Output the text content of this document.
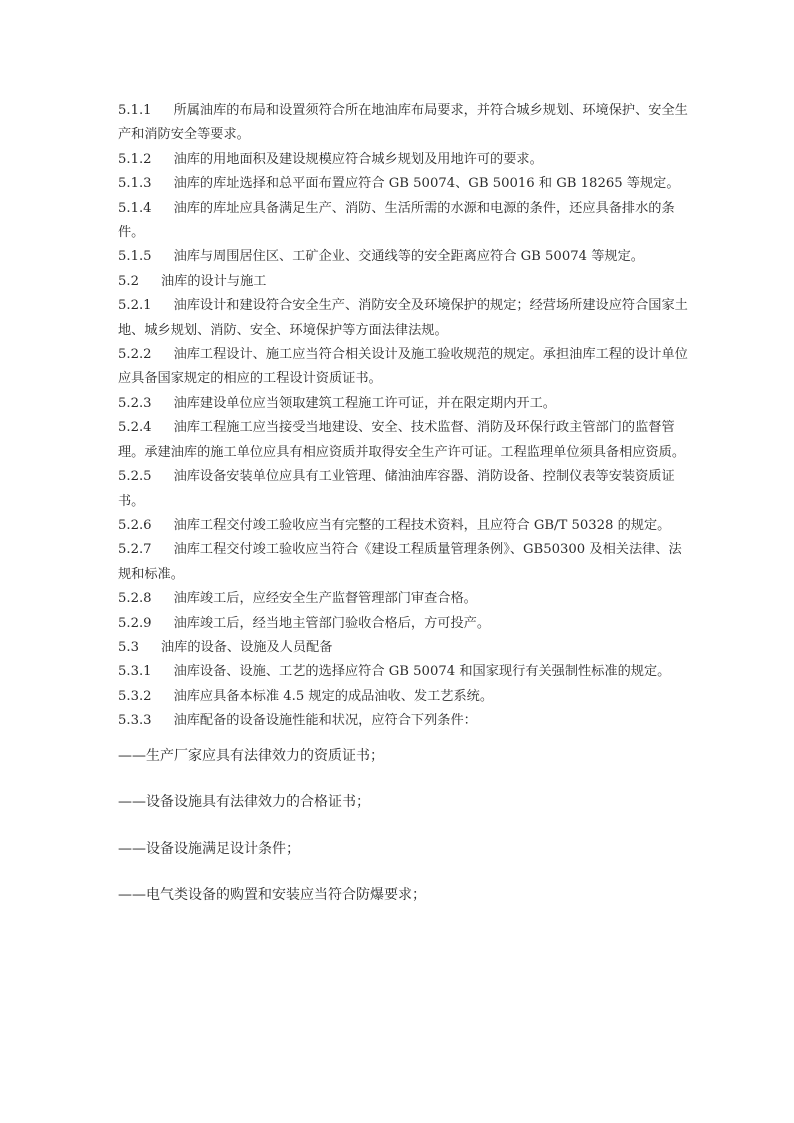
5.1.1 所属油库的布局和设置须符合所在地油库布局要求，并符合城乡规划、环境保护、安全生产和消防安全等要求。

5.1.2 油库的用地面积及建设规模应符合城乡规划及用地许可的要求。

5.1.3 油库的库址选择和总平面布置应符合 GB 50074、GB 50016 和 GB 18265 等规定。

5.1.4 油库的库址应具备满足生产、消防、生活所需的水源和电源的条件，还应具备排水的条件。

5.1.5 油库与周围居住区、工矿企业、交通线等的安全距离应符合 GB 50074 等规定。

5.2 油库的设计与施工

5.2.1 油库设计和建设符合安全生产、消防安全及环境保护的规定；经营场所建设应符合国家土地、城乡规划、消防、安全、环境保护等方面法律法规。

5.2.2 油库工程设计、施工应当符合相关设计及施工验收规范的规定。承担油库工程的设计单位应具备国家规定的相应的工程设计资质证书。

5.2.3 油库建设单位应当领取建筑工程施工许可证，并在限定期内开工。

5.2.4 油库工程施工应当接受当地建设、安全、技术监督、消防及环保行政主管部门的监督管理。承建油库的施工单位应具有相应资质并取得安全生产许可证。工程监理单位须具备相应资质。

5.2.5 油库设备安装单位应具有工业管理、储油油库容器、消防设备、控制仪表等安装资质证书。

5.2.6 油库工程交付竣工验收应当有完整的工程技术资料，且应符合 GB/T 50328 的规定。

5.2.7 油库工程交付竣工验收应当符合《建设工程质量管理条例》、GB50300 及相关法律、法规和标准。

5.2.8 油库竣工后，应经安全生产监督管理部门审查合格。

5.2.9 油库竣工后，经当地主管部门验收合格后，方可投产。

5.3 油库的设备、设施及人员配备

5.3.1 油库设备、设施、工艺的选择应符合 GB 50074 和国家现行有关强制性标准的规定。

5.3.2 油库应具备本标准 4.5 规定的成品油收、发工艺系统。

5.3.3 油库配备的设备设施性能和状况，应符合下列条件：

——生产厂家应具有法律效力的资质证书；

——设备设施具有法律效力的合格证书；

——设备设施满足设计条件；

——电气类设备的购置和安装应当符合防爆要求；
